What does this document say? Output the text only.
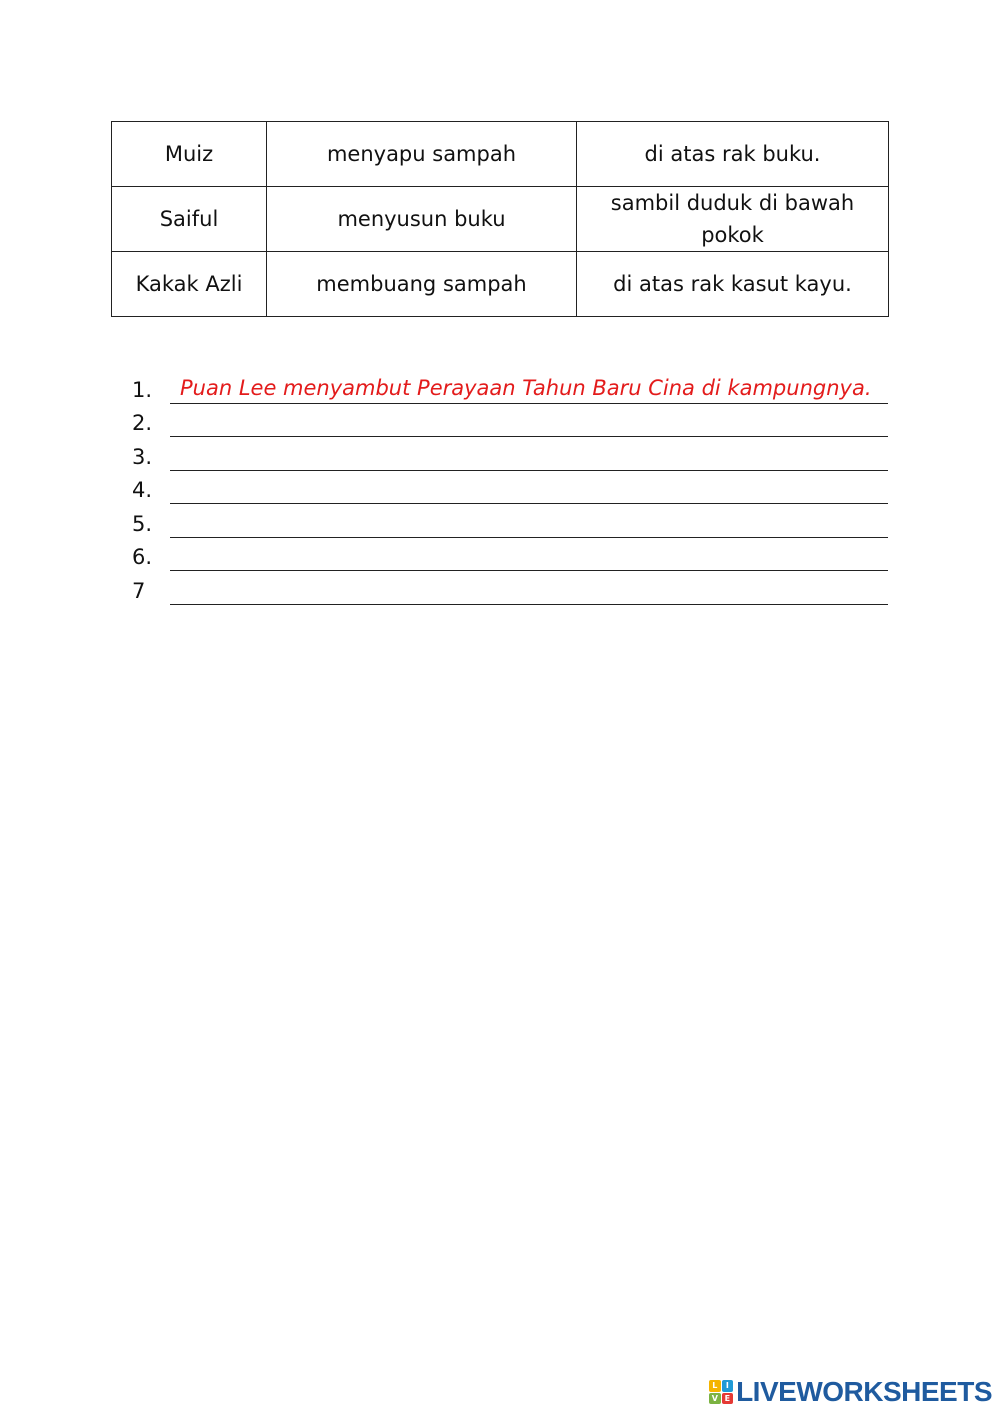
Muiz	menyapu sampah	di atas rak buku.
Saiful	menyusun buku	sambil duduk di bawah pokok
Kakak Azli	membuang sampah	di atas rak kasut kayu.
1. Puan Lee menyambut Perayaan Tahun Baru Cina di kampungnya.
2.
3.
4.
5.
6.
7
L	I
V E LIVEWORKSHEETS
